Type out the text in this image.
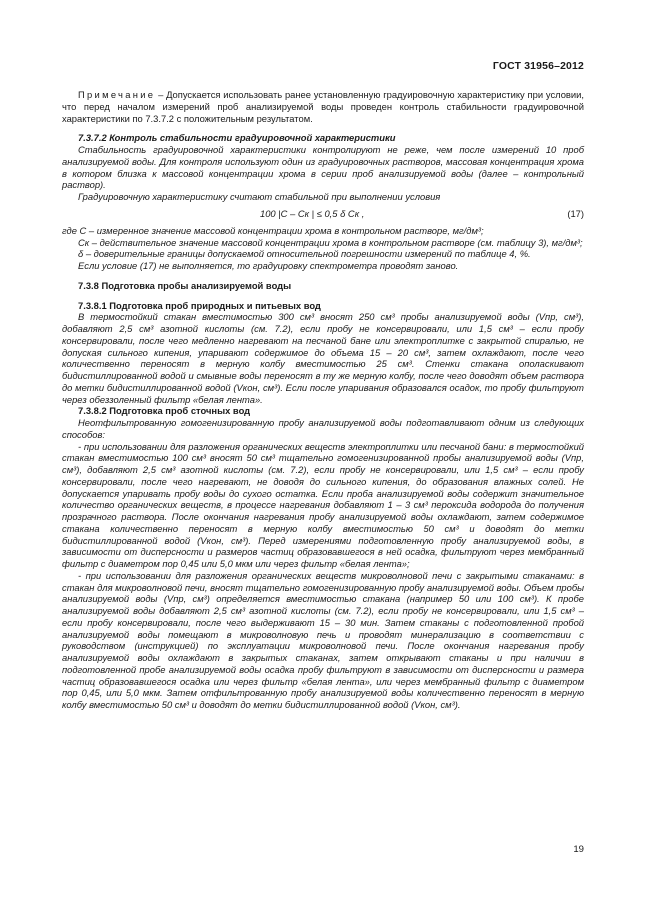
ГОСТ 31956–2012

Примечание – Допускается использовать ранее установленную градуировочную характеристику при условии, что перед началом измерений проб анализируемой воды проведен контроль стабильности градуировочной характеристики по 7.3.7.2 с положительным результатом.

7.3.7.2 Контроль стабильности градуировочной характеристики

Стабильность градуировочной характеристики контролируют не реже, чем после измерений 10 проб анализируемой воды. Для контроля используют один из градуировочных растворов, массовая концентрация хрома в котором близка к массовой концентрации хрома в серии проб анализируемой воды (далее – контрольный раствор).

Градуировочную характеристику считают стабильной при выполнении условия

100 |C – Cк | ≤ 0,5 δ Cк ,	(17)

где C – измеренное значение массовой концентрации хрома в контрольном растворе, мг/дм³;

Cк – действительное значение массовой концентрации хрома в контрольном растворе (см. таблицу 3), мг/дм³;

δ – доверительные границы допускаемой относительной погрешности измерений по таблице 4, %.

Если условие (17) не выполняется, то градуировку спектрометра проводят заново.

7.3.8 Подготовка пробы анализируемой воды

7.3.8.1 Подготовка проб природных и питьевых вод

В термостойкий стакан вместимостью 300 см³ вносят 250 см³ пробы анализируемой воды (Vпр, см³), добавляют 2,5 см³ азотной кислоты (см. 7.2), если пробу не консервировали, или 1,5 см³ – если пробу консервировали, после чего медленно нагревают на песчаной бане или электроплитке с закрытой спиралью, не допуская сильного кипения, упаривают содержимое до объема 15 – 20 см³, затем охлаждают, после чего количественно переносят в мерную колбу вместимостью 25 см³. Стенки стакана ополаскивают бидистиллированной водой и смывные воды переносят в ту же мерную колбу, после чего доводят объем раствора до метки бидистиллированной водой (Vкон, см³). Если после упаривания образовался осадок, то пробу фильтруют через обеззоленный фильтр «белая лента».

7.3.8.2 Подготовка проб сточных вод

Неотфильтрованную гомогенизированную пробу анализируемой воды подготавливают одним из следующих способов:

- при использовании для разложения органических веществ электроплитки или песчаной бани: в термостойкий стакан вместимостью 100 см³ вносят 50 см³ тщательно гомогенизированной пробы анализируемой воды (Vпр, см³), добавляют 2,5 см³ азотной кислоты (см. 7.2), если пробу не консервировали, или 1,5 см³ – если пробу консервировали, после чего нагревают, не доводя до сильного кипения, до образования влажных солей. Не допускается упаривать пробу воды до сухого остатка. Если проба анализируемой воды содержит значительное количество органических веществ, в процессе нагревания добавляют 1 – 3 см³ пероксида водорода до получения прозрачного раствора. После окончания нагревания пробу анализируемой воды охлаждают, затем содержимое стакана количественно переносят в мерную колбу вместимостью 50 см³ и доводят до метки бидистиллированной водой (Vкон, см³). Перед измерениями подготовленную пробу анализируемой воды, в зависимости от дисперсности и размеров частиц образовавшегося в ней осадка, фильтруют через мембранный фильтр с диаметром пор 0,45 или 5,0 мкм или через фильтр «белая лента»;

- при использовании для разложения органических веществ микроволновой печи с закрытыми стаканами: в стакан для микроволновой печи, вносят тщательно гомогенизированную пробу анализируемой воды. Объем пробы анализируемой воды (Vпр, см³) определяется вместимостью стакана (например 50 или 100 см³). К пробе анализируемой воды добавляют 2,5 см³ азотной кислоты (см. 7.2), если пробу не консервировали, или 1,5 см³ – если пробу консервировали, после чего выдерживают 15 – 30 мин. Затем стаканы с подготовленной пробой анализируемой воды помещают в микроволновую печь и проводят минерализацию в соответствии с руководством (инструкцией) по эксплуатации микроволновой печи. После окончания нагревания пробу анализируемой воды охлаждают в закрытых стаканах, затем открывают стаканы и при наличии в подготовленной пробе анализируемой воды осадка пробу фильтруют в зависимости от дисперсности и размера частиц образовавшегося осадка или через фильтр «белая лента», или через мембранный фильтр с диаметром пор 0,45, или 5,0 мкм. Затем отфильтрованную пробу анализируемой воды количественно переносят в мерную колбу вместимостью 50 см³ и доводят до метки бидистиллированной водой (Vкон, см³).

19
